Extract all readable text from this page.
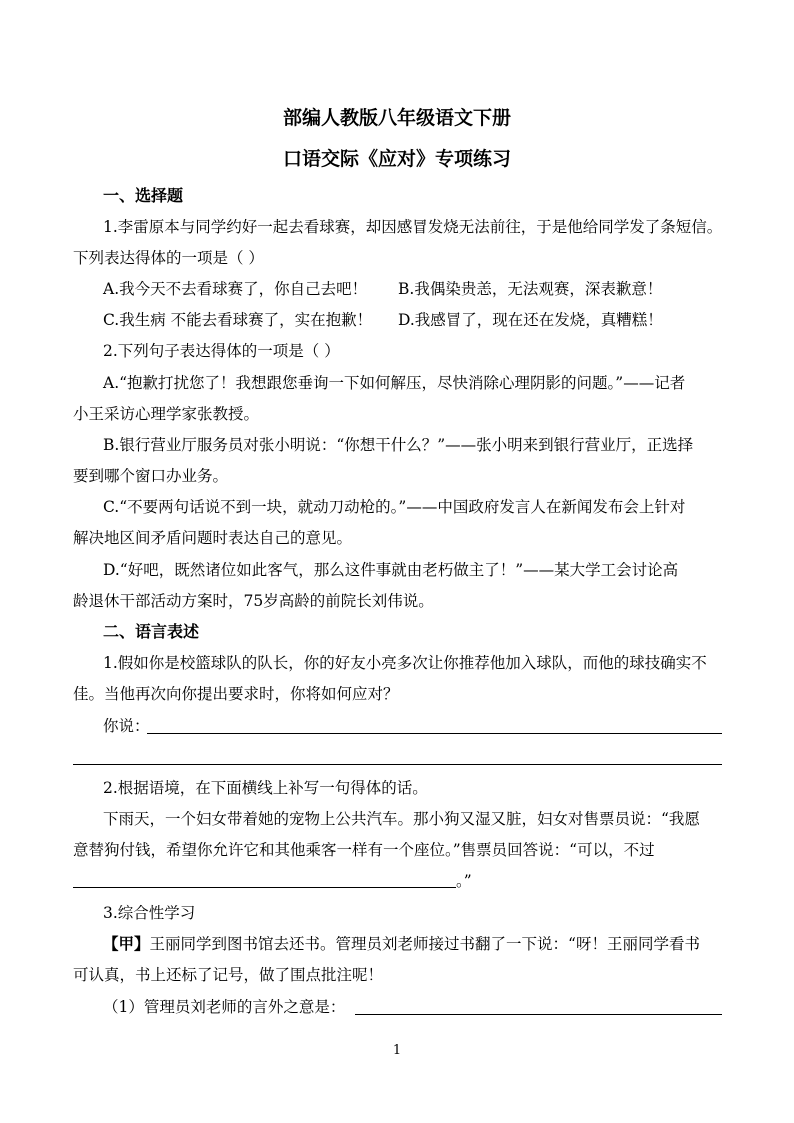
部编人教版八年级语文下册
口语交际《应对》专项练习
一、选择题
1.李雷原本与同学约好一起去看球赛，却因感冒发烧无法前往，于是他给同学发了条短信。
下列表达得体的一项是（ ）
A.我今天不去看球赛了，你自己去吧！	B.我偶染贵恙，无法观赛，深表歉意！
C.我生病 不能去看球赛了，实在抱歉！	D.我感冒了，现在还在发烧，真糟糕！
2.下列句子表达得体的一项是（ ）
A.“抱歉打扰您了！我想跟您垂询一下如何解压，尽快消除心理阴影的问题。”——记者
小王采访心理学家张教授。
B.银行营业厅服务员对张小明说：“你想干什么？”——张小明来到银行营业厅，正选择
要到哪个窗口办业务。
C.“不要两句话说不到一块，就动刀动枪的。”——中国政府发言人在新闻发布会上针对
解决地区间矛盾问题时表达自己的意见。
D.“好吧，既然诸位如此客气，那么这件事就由老朽做主了！”——某大学工会讨论高
龄退休干部活动方案时，75岁高龄的前院长刘伟说。
二、语言表述
1.假如你是校篮球队的队长，你的好友小亮多次让你推荐他加入球队，而他的球技确实不
佳。当他再次向你提出要求时，你将如何应对？
你说：
2.根据语境，在下面横线上补写一句得体的话。
下雨天，一个妇女带着她的宠物上公共汽车。那小狗又湿又脏，妇女对售票员说：“我愿
意替狗付钱，希望你允许它和其他乘客一样有一个座位。”售票员回答说：“可以，不过
。”
3.综合性学习
【甲】王丽同学到图书馆去还书。管理员刘老师接过书翻了一下说：“呀！王丽同学看书
可认真，书上还标了记号，做了围点批注呢！
（1）管理员刘老师的言外之意是：
1
